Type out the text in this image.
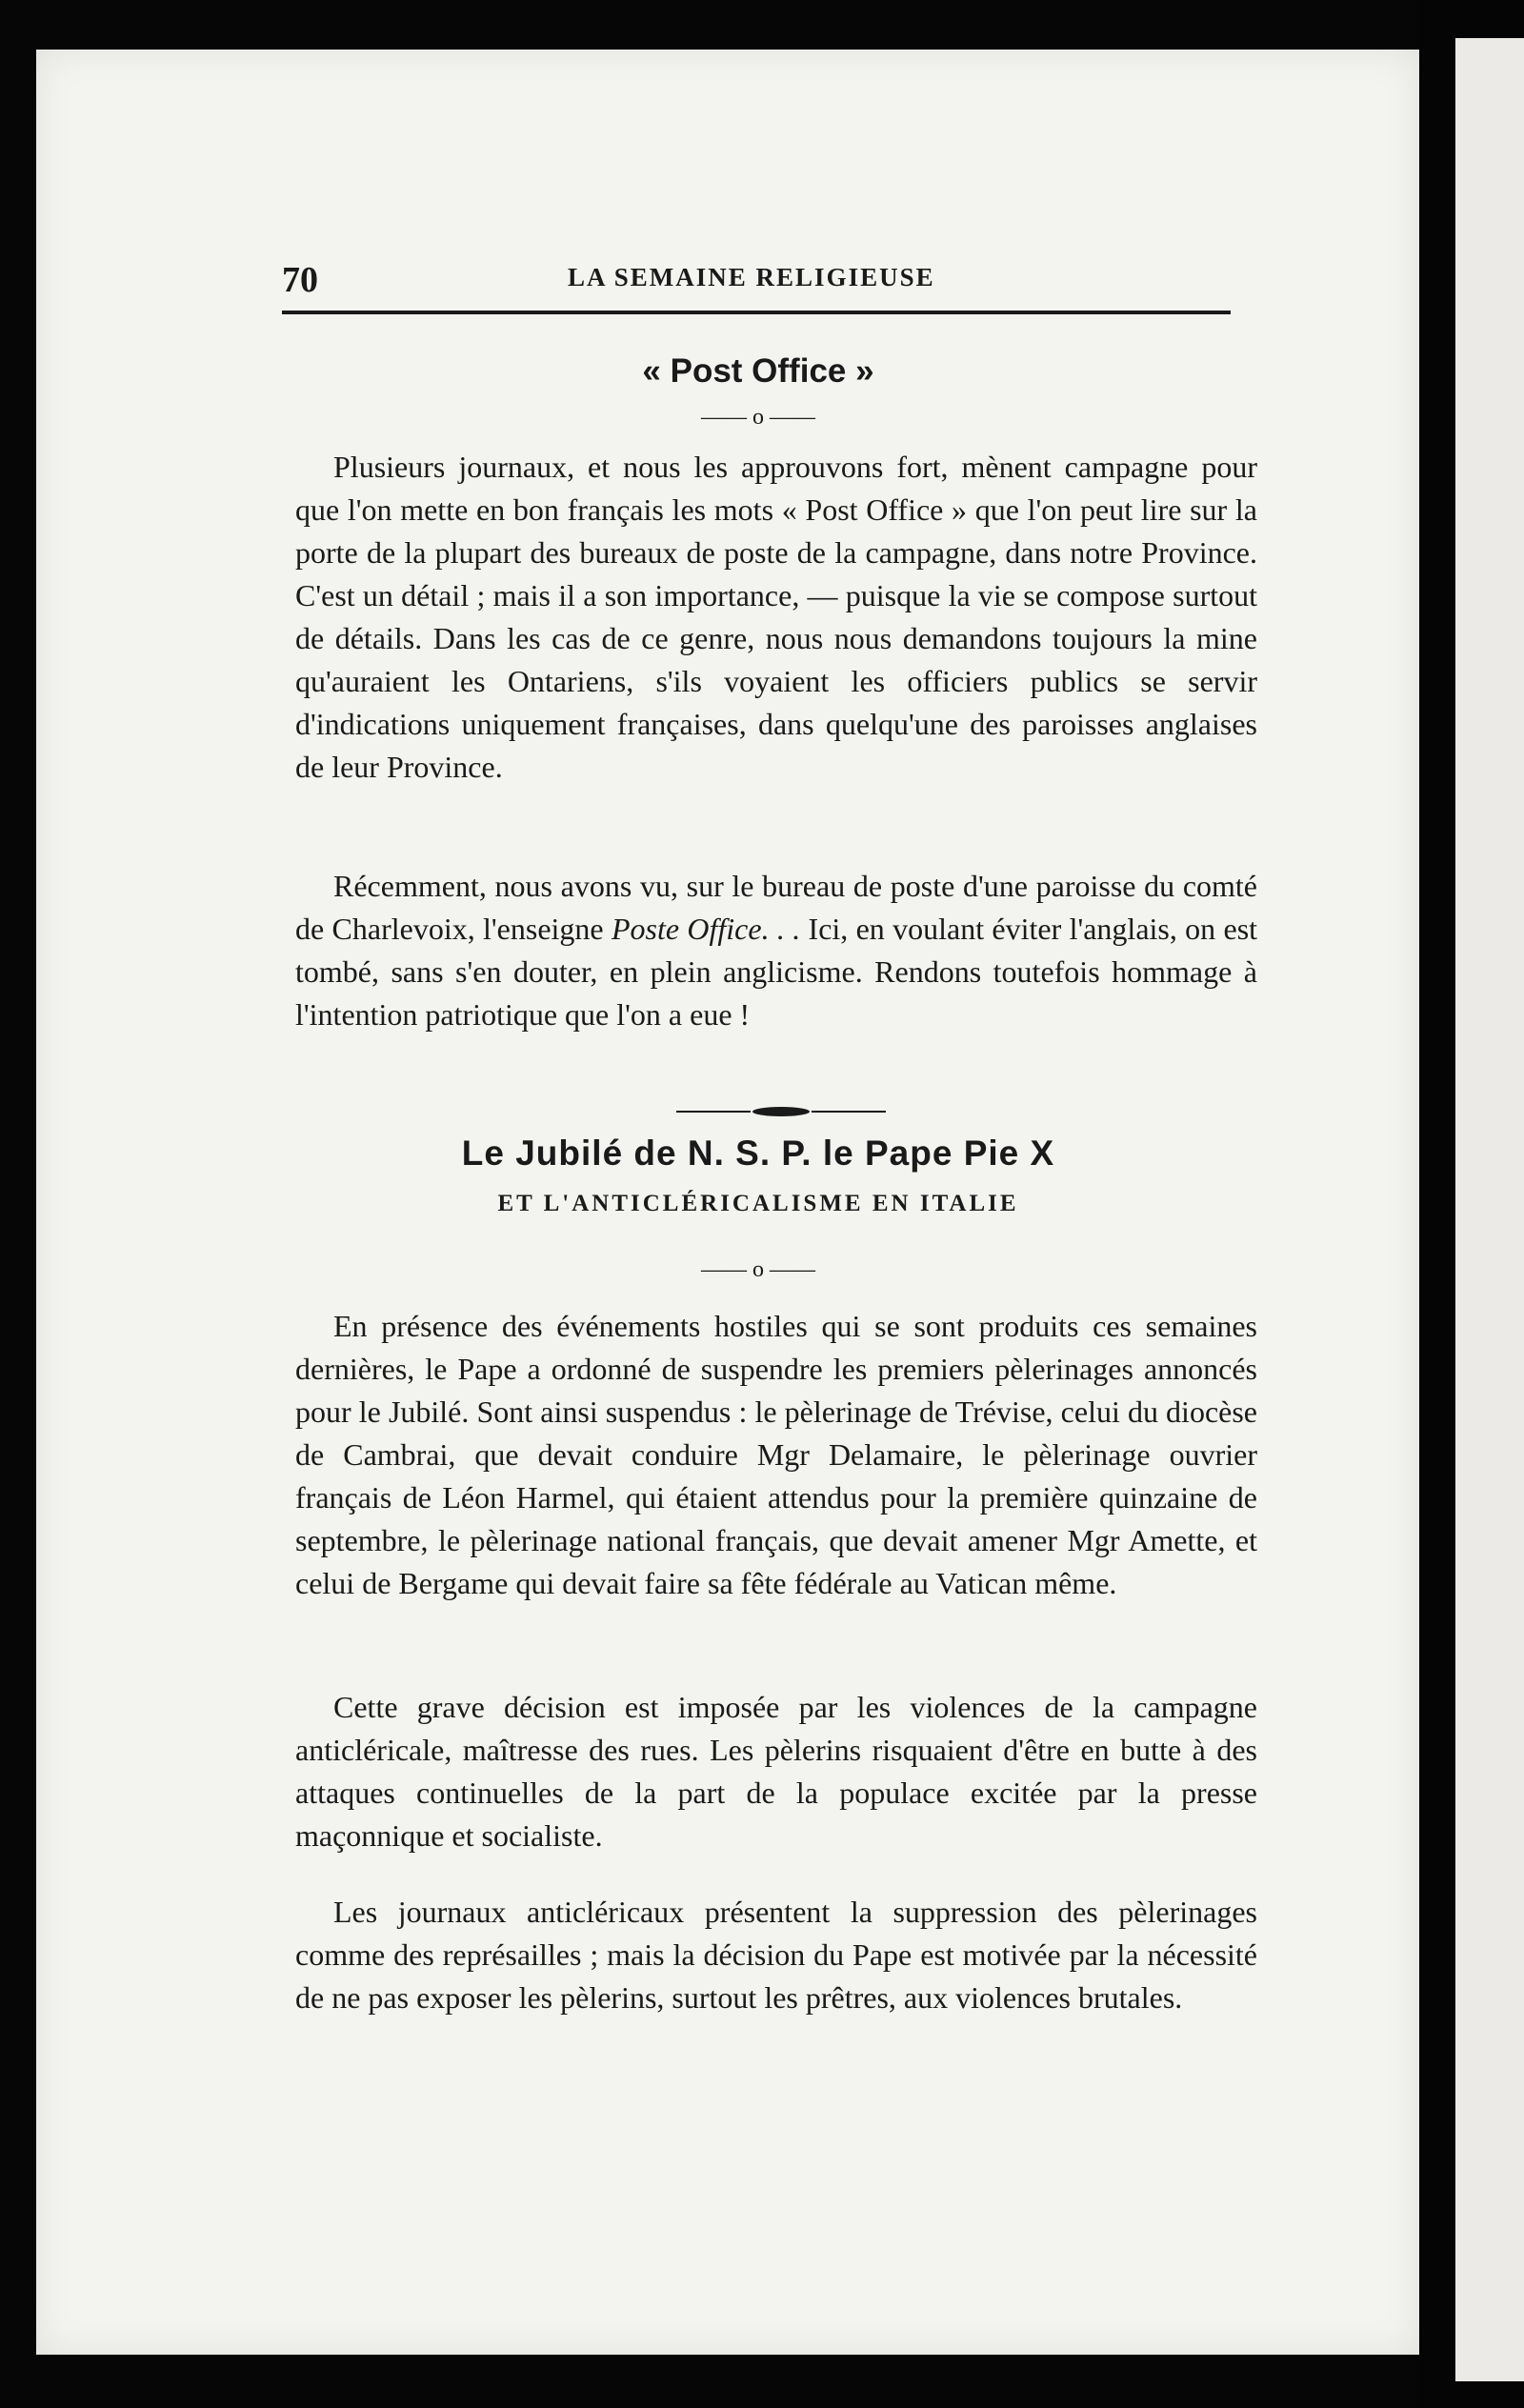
70	LA SEMAINE RELIGIEUSE
« Post Office »
—— o ——

Plusieurs journaux, et nous les approuvons fort, mènent campagne pour que l'on mette en bon français les mots « Post Office » que l'on peut lire sur la porte de la plupart des bureaux de poste de la campagne, dans notre Province. C'est un détail ; mais il a son importance, — puisque la vie se compose surtout de détails. Dans les cas de ce genre, nous nous demandons toujours la mine qu'auraient les Ontariens, s'ils voyaient les officiers publics se servir d'indications uniquement françaises, dans quelqu'une des paroisses anglaises de leur Province.

Récemment, nous avons vu, sur le bureau de poste d'une paroisse du comté de Charlevoix, l'enseigne Poste Office. . . Ici, en voulant éviter l'anglais, on est tombé, sans s'en douter, en plein anglicisme. Rendons toutefois hommage à l'intention patriotique que l'on a eue !

Le Jubilé de N. S. P. le Pape Pie X
ET L'ANTICLÉRICALISME EN ITALIE
—— o ——

En présence des événements hostiles qui se sont produits ces semaines dernières, le Pape a ordonné de suspendre les premiers pèlerinages annoncés pour le Jubilé. Sont ainsi suspendus : le pèlerinage de Trévise, celui du diocèse de Cambrai, que devait conduire Mgr Delamaire, le pèlerinage ouvrier français de Léon Harmel, qui étaient attendus pour la première quinzaine de septembre, le pèlerinage national français, que devait amener Mgr Amette, et celui de Bergame qui devait faire sa fête fédérale au Vatican même.

Cette grave décision est imposée par les violences de la campagne anticléricale, maîtresse des rues. Les pèlerins risquaient d'être en butte à des attaques continuelles de la part de la populace excitée par la presse maçonnique et socialiste.

Les journaux anticléricaux présentent la suppression des pèlerinages comme des représailles ; mais la décision du Pape est motivée par la nécessité de ne pas exposer les pèlerins, surtout les prêtres, aux violences brutales.
